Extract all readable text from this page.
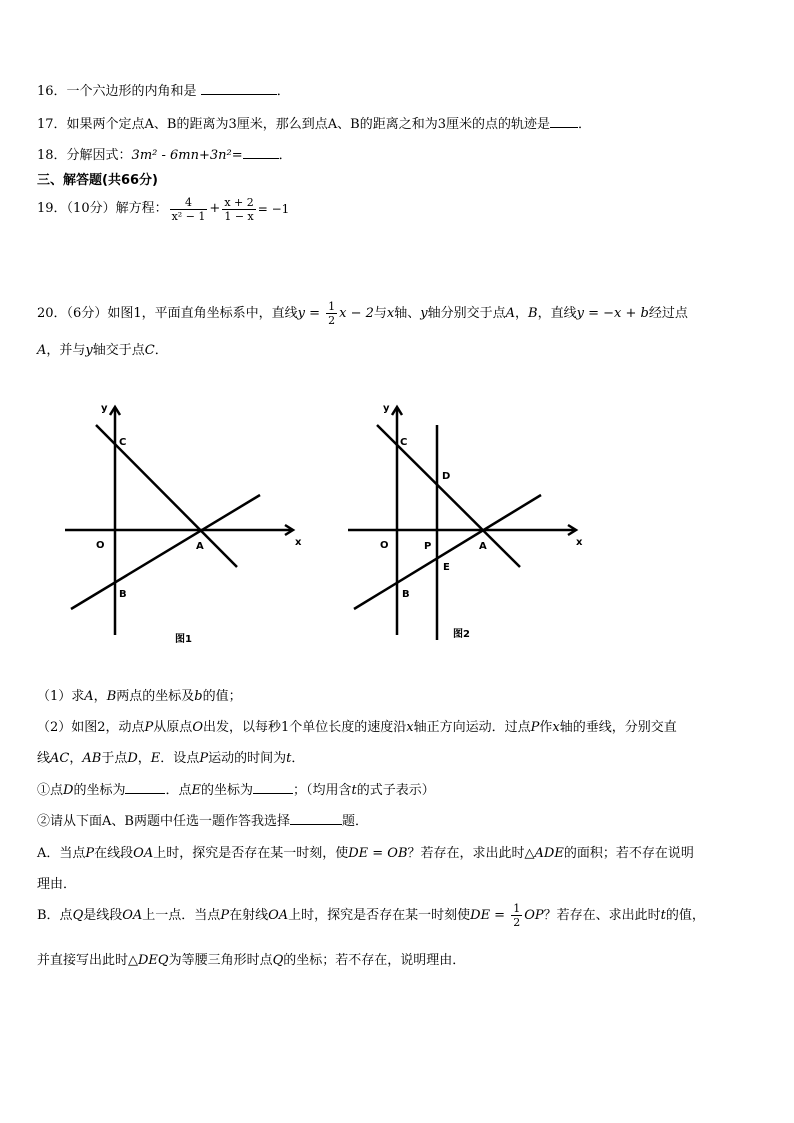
16．一个六边形的内角和是	．
17．如果两个定点A、B的距离为3厘米，那么到点A、B的距离之和为3厘米的点的轨迹是 ．
18．分解因式：3m² - 6mn+3n²=	．
三、解答题(共66分)
19．（10分）解方程： $\frac{4}{\text{x² − 1}} + \frac{x + 2}{1 - x} = -1$
20．（6分）如图1，平面直角坐标系中，直线$y = \frac{1}{2}$ x − 2与x轴、y轴分别交于点A，B，直线y = −x + b经过点
A，并与y轴交于点C．
y
x
C
O	A
B
图1
y
x
C
D
O	P	A
E
B
图2
（1）求A，B两点的坐标及b的值；
（2）如图2，动点P从原点O出发，以每秒1个单位长度的速度沿x轴正方向运动．过点P作x轴的垂线，分别交直
线AC，AB于点D，E．设点P运动的时间为t．
①点D的坐标为	．点E的坐标为	；（均用含t的式子表示）
②请从下面A、B两题中任选一题作答我选择	题．
A．当点P在线段OA上时，探究是否存在某一时刻，使DE = OB？若存在，求出此时△ADE的面积；若不存在说明
理由．
B．点Q是线段OA上一点．当点P在射线OA上时，探究是否存在某一时刻使DE = $\frac{1}{2}$ OP？若存在、求出此时t的值，
并直接写出此时△DEQ为等腰三角形时点Q的坐标；若不存在，说明理由．
